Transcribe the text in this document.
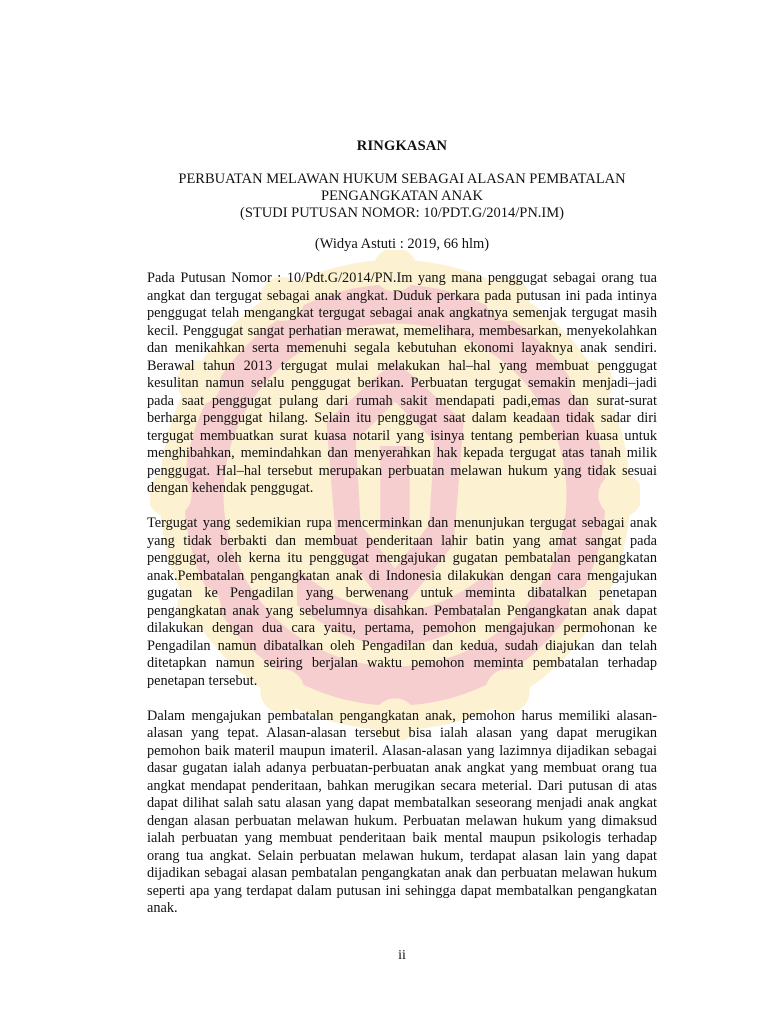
RINGKASAN
PERBUATAN MELAWAN HUKUM SEBAGAI ALASAN PEMBATALAN
PENGANGKATAN ANAK
(STUDI PUTUSAN NOMOR: 10/PDT.G/2014/PN.IM)
(Widya Astuti : 2019, 66 hlm)

Pada Putusan Nomor : 10/Pdt.G/2014/PN.Im yang mana penggugat sebagai orang tua angkat dan tergugat sebagai anak angkat. Duduk perkara pada putusan ini pada intinya penggugat telah mengangkat tergugat sebagai anak angkatnya semenjak tergugat masih kecil. Penggugat sangat perhatian merawat, memelihara, membesarkan, menyekolahkan dan menikahkan serta memenuhi segala kebutuhan ekonomi layaknya anak sendiri. Berawal tahun 2013 tergugat mulai melakukan hal–hal yang membuat penggugat kesulitan namun selalu penggugat berikan. Perbuatan tergugat semakin menjadi–jadi pada saat penggugat pulang dari rumah sakit mendapati padi,emas dan surat-surat berharga penggugat hilang. Selain itu penggugat saat dalam keadaan tidak sadar diri tergugat membuatkan surat kuasa notaril yang isinya tentang pemberian kuasa untuk menghibahkan, memindahkan dan menyerahkan hak kepada tergugat atas tanah milik penggugat. Hal–hal tersebut merupakan perbuatan melawan hukum yang tidak sesuai dengan kehendak penggugat.

Tergugat yang sedemikian rupa mencerminkan dan menunjukan tergugat sebagai anak yang tidak berbakti dan membuat penderitaan lahir batin yang amat sangat pada penggugat, oleh kerna itu penggugat mengajukan gugatan pembatalan pengangkatan anak.Pembatalan pengangkatan anak di Indonesia dilakukan dengan cara mengajukan gugatan ke Pengadilan yang berwenang untuk meminta dibatalkan penetapan pengangkatan anak yang sebelumnya disahkan. Pembatalan Pengangkatan anak dapat dilakukan dengan dua cara yaitu, pertama, pemohon mengajukan permohonan ke Pengadilan namun dibatalkan oleh Pengadilan dan kedua, sudah diajukan dan telah ditetapkan namun seiring berjalan waktu pemohon meminta pembatalan terhadap penetapan tersebut.

Dalam mengajukan pembatalan pengangkatan anak, pemohon harus memiliki alasan-alasan yang tepat. Alasan-alasan tersebut bisa ialah alasan yang dapat merugikan pemohon baik materil maupun imateril. Alasan-alasan yang lazimnya dijadikan sebagai dasar gugatan ialah adanya perbuatan-perbuatan anak angkat yang membuat orang tua angkat mendapat penderitaan, bahkan merugikan secara meterial. Dari putusan di atas dapat dilihat salah satu alasan yang dapat membatalkan seseorang menjadi anak angkat dengan alasan perbuatan melawan hukum. Perbuatan melawan hukum yang dimaksud ialah perbuatan yang membuat penderitaan baik mental maupun psikologis terhadap orang tua angkat. Selain perbuatan melawan hukum, terdapat alasan lain yang dapat dijadikan sebagai alasan pembatalan pengangkatan anak dan perbuatan melawan hukum seperti apa yang terdapat dalam putusan ini sehingga dapat membatalkan pengangkatan anak.

ii
